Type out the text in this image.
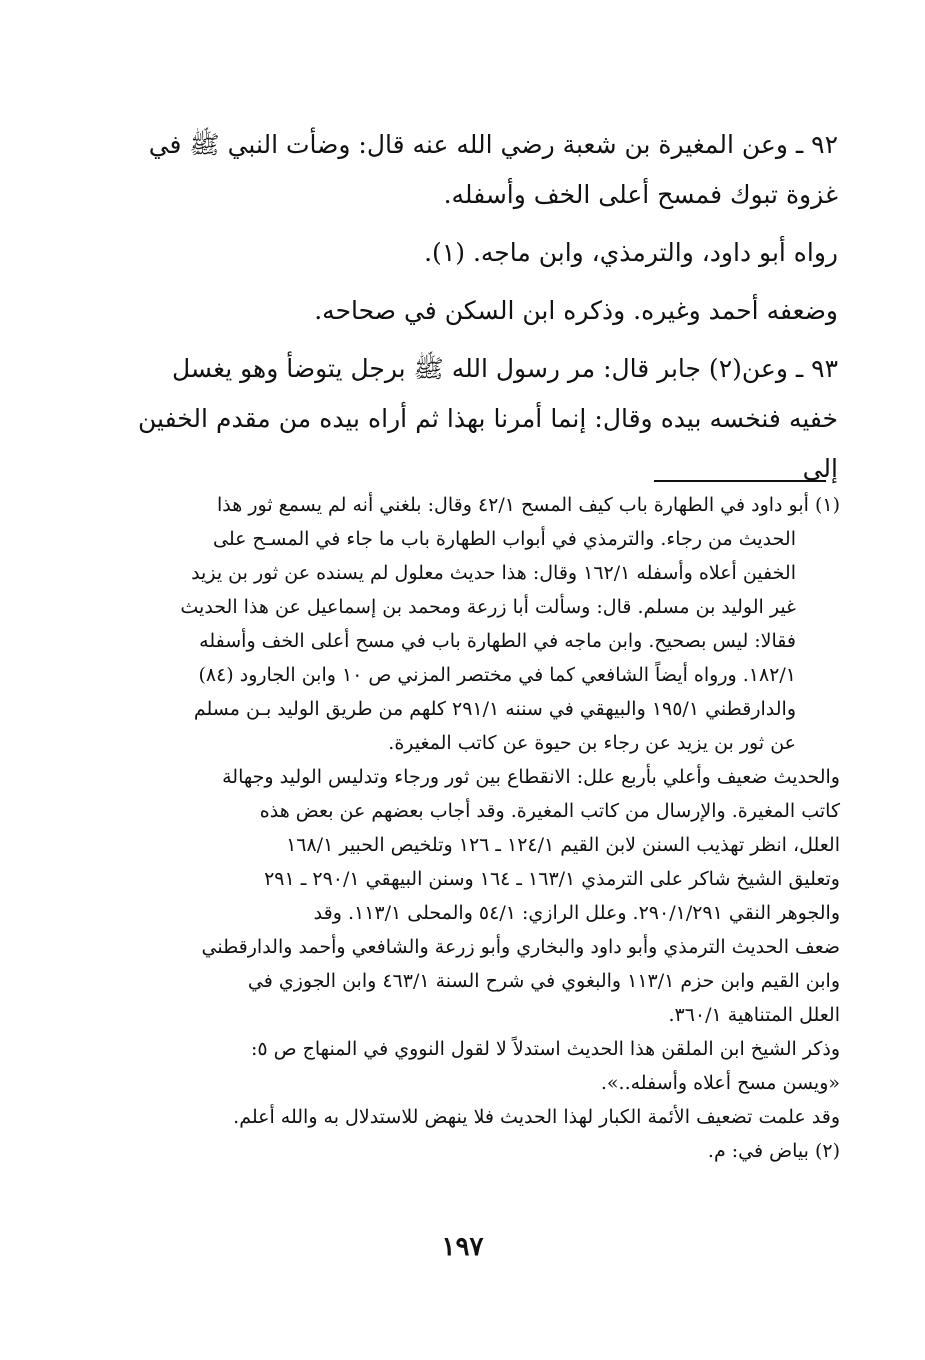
٩٢ ـ وعن المغيرة بن شعبة رضي الله عنه قال: وضأت النبي ﷺ في

غزوة تبوك فمسح أعلى الخف وأسفله.

رواه أبو داود، والترمذي، وابن ماجه. (١).

وضعفه أحمد وغيره. وذكره ابن السكن في صحاحه.

٩٣ ـ وعن(٢) جابر قال: مر رسول الله ﷺ برجل يتوضأ وهو يغسل

خفيه فنخسه بيده وقال: إنما أمرنا بهذا ثم أراه بيده من مقدم الخفين إلى

(١)أبو داود في الطهارة باب كيف المسح ٤٢/١ وقال: بلغني أنه لم يسمع ثور هذا

الحديث من رجاء. والترمذي في أبواب الطهارة باب ما جاء في المسـح على

الخفين أعلاه وأسفله ١٦٢/١ وقال: هذا حديث معلول لم يسنده عن ثور بن يزيد

غير الوليد بن مسلم. قال: وسألت أبا زرعة ومحمد بن إسماعيل عن هذا الحديث

فقالا: ليس بصحيح. وابن ماجه في الطهارة باب في مسح أعلى الخف وأسفله

١٨٢/١. ورواه أيضاً الشافعي كما في مختصر المزني ص ١٠ وابن الجارود (٨٤)

والدارقطني ١٩٥/١ والبيهقي في سننه ٢٩١/١ كلهم من طريق الوليد بـن مسلم

عن ثور بن يزيد عن رجاء بن حيوة عن كاتب المغيرة.

والحديث ضعيف وأعلي بأربع علل: الانقطاع بين ثور ورجاء وتدليس الوليد وجهالة

كاتب المغيرة. والإرسال من كاتب المغيرة. وقد أجاب بعضهم عن بعض هذه

العلل، انظر تهذيب السنن لابن القيم ١٢٤/١ ـ ١٢٦ وتلخيص الحبير ١٦٨/١

وتعليق الشيخ شاكر على الترمذي ١٦٣/١ ـ ١٦٤ وسنن البيهقي ٢٩٠/١ ـ ٢٩١

والجوهر النقي ٢٩٠/١/٢٩١. وعلل الرازي: ٥٤/١ والمحلى ١١٣/١. وقد

ضعف الحديث الترمذي وأبو داود والبخاري وأبو زرعة والشافعي وأحمد والدارقطني

وابن القيم وابن حزم ١١٣/١ والبغوي في شرح السنة ٤٦٣/١ وابن الجوزي في

العلل المتناهية ٣٦٠/١.

وذكر الشيخ ابن الملقن هذا الحديث استدلاً لا لقول النووي في المنهاج ص ٥:

«ويسن مسح أعلاه وأسفله..».

وقد علمت تضعيف الأئمة الكبار لهذا الحديث فلا ينهض للاستدلال به والله أعلم.

(٢) بياض في: م.

١٩٧
